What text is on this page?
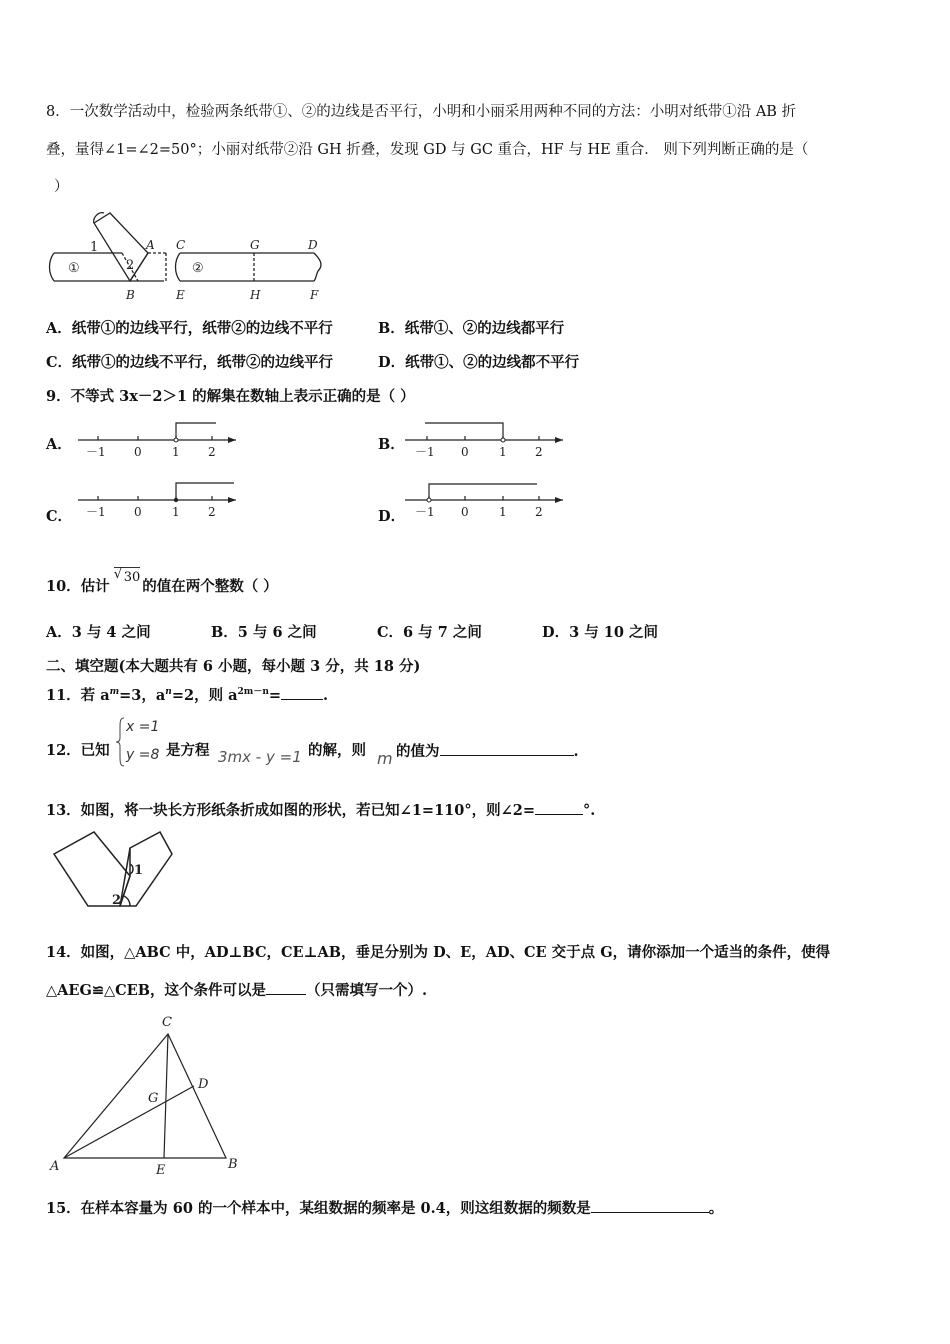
8．一次数学活动中，检验两条纸带①、②的边线是否平行，小明和小丽采用两种不同的方法：小明对纸带①沿 AB 折
叠，量得∠1=∠2=50°；小丽对纸带②沿 GH 折叠，发现 GD 与 GC 重合，HF 与 HE 重合． 则下列判断正确的是（
）
①	②
1
2
A
B
C	G	D
E	H	F
A．纸带①的边线平行，纸带②的边线不平行	B．纸带①、②的边线都平行
C．纸带①的边线不平行，纸带②的边线平行	D．纸带①、②的边线都不平行
9．不等式 3x－2＞1 的解集在数轴上表示正确的是（ ）
A． －1 0	1 2	B． －1 0	1 2
C． －1 0	1 2	D． －1 0	1 2
10．估计
√ 30的值在两个整数（ ）
A．3 与 4 之间	B．5 与 6 之间	C．6 与 7 之间	D．3 与 10 之间
二、填空题(本大题共有 6 小题，每小题 3 分，共 18 分)
11．若 $a^m=3$，$a^n=2$，则 $a^{2m-n}=$	.
12．已知
x =1
y =8 是方程 3mx - y =1 的解，则 m 的值为	.
13．如图，将一块长方形纸条折成如图的形状，若已知∠1=110°，则∠2=	°.
1
2
14．如图，△ABC 中，AD⊥BC，CE⊥AB，垂足分别为 D、E，AD、CE 交于点 G，请你添加一个适当的条件，使得
△AEG≌△CEB，这个条件可以是	（只需填写一个）.
A	B
C
D
E
G
15．在样本容量为 60 的一个样本中，某组数据的频率是 0.4，则这组数据的频数是	。
